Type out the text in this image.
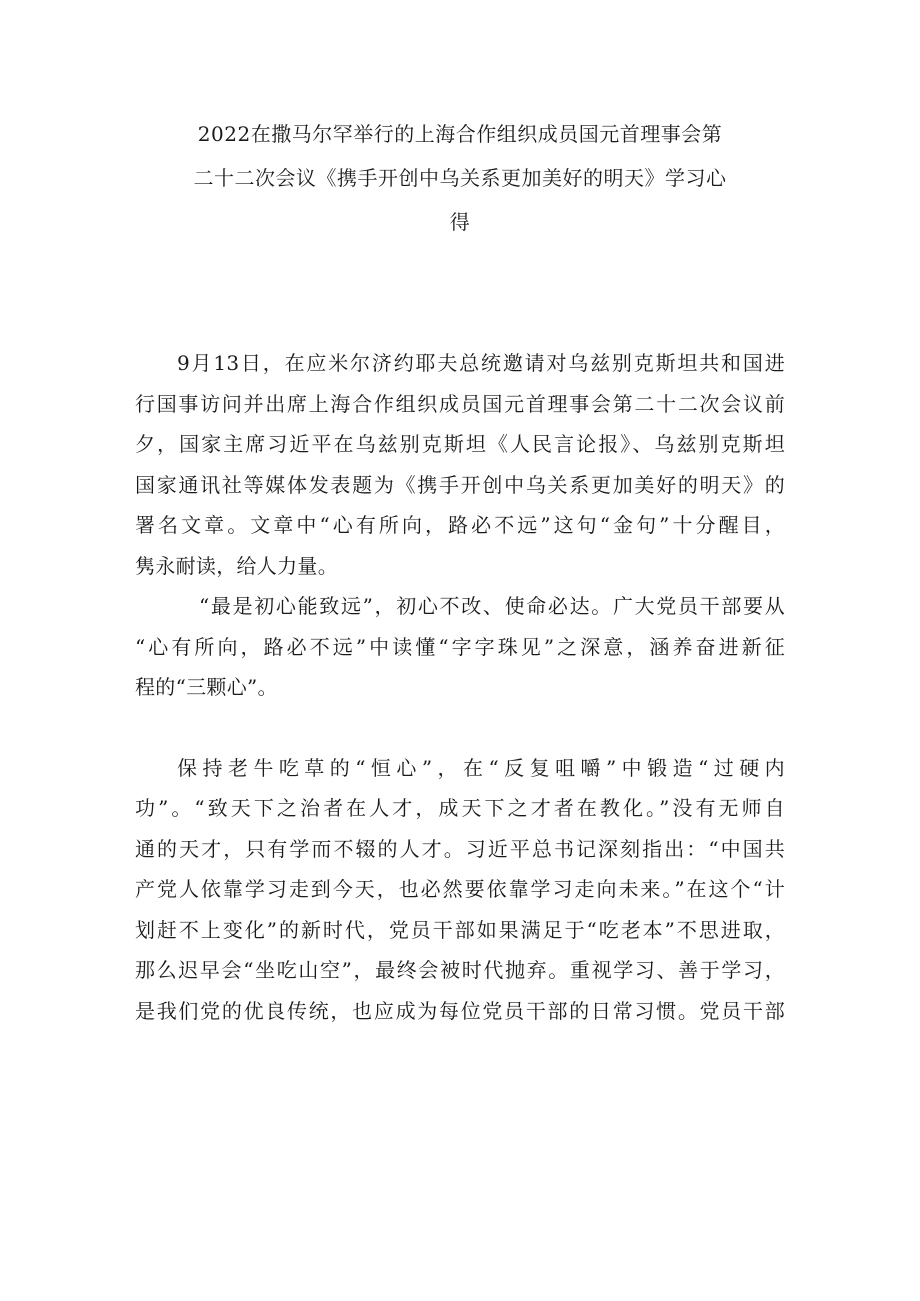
2022在撒马尔罕举行的上海合作组织成员国元首理事会第
二十二次会议《携手开创中乌关系更加美好的明天》学习心
得
9月13日，在应米尔济约耶夫总统邀请对乌兹别克斯坦共和国进
行国事访问并出席上海合作组织成员国元首理事会第二十二次会议前
夕，国家主席习近平在乌兹别克斯坦《人民言论报》、乌兹别克斯坦
国家通讯社等媒体发表题为《携手开创中乌关系更加美好的明天》的
署名文章。文章中“心有所向，路必不远”这句“金句”十分醒目，
隽永耐读，给人力量。
“最是初心能致远”，初心不改、使命必达。广大党员干部要从
“心有所向，路必不远”中读懂“字字珠见”之深意，涵养奋进新征
程的“三颗心”。
保持老牛吃草的“恒心”，在“反复咀嚼”中锻造“过硬内
功”。“致天下之治者在人才，成天下之才者在教化。”没有无师自
通的天才，只有学而不辍的人才。习近平总书记深刻指出：“中国共
产党人依靠学习走到今天，也必然要依靠学习走向未来。”在这个“计
划赶不上变化”的新时代，党员干部如果满足于“吃老本”不思进取，
那么迟早会“坐吃山空”，最终会被时代抛弃。重视学习、善于学习，
是我们党的优良传统，也应成为每位党员干部的日常习惯。党员干部
